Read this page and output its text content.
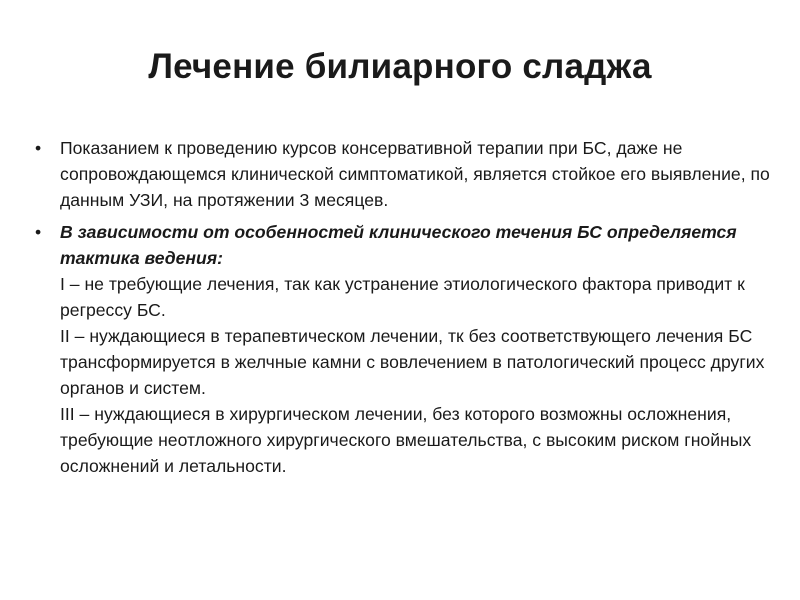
Лечение билиарного сладжа
• Показанием к проведению курсов консервативной терапии при БС, даже не сопровождающемся клинической симптоматикой, является стойкое его выявление, по данным УЗИ, на протяжении 3 месяцев.
• В зависимости от особенностей клинического течения БС определяется тактика ведения:
I – не требующие лечения, так как устранение этиологического фактора приводит к регрессу БС.
II – нуждающиеся в терапевтическом лечении, тк без соответствующего лечения БС трансформируется в желчные камни с вовлечением в патологический процесс других органов и систем.
III – нуждающиеся в хирургическом лечении, без которого возможны осложнения, требующие неотложного хирургического вмешательства, с высоким риском гнойных осложнений и летальности.
